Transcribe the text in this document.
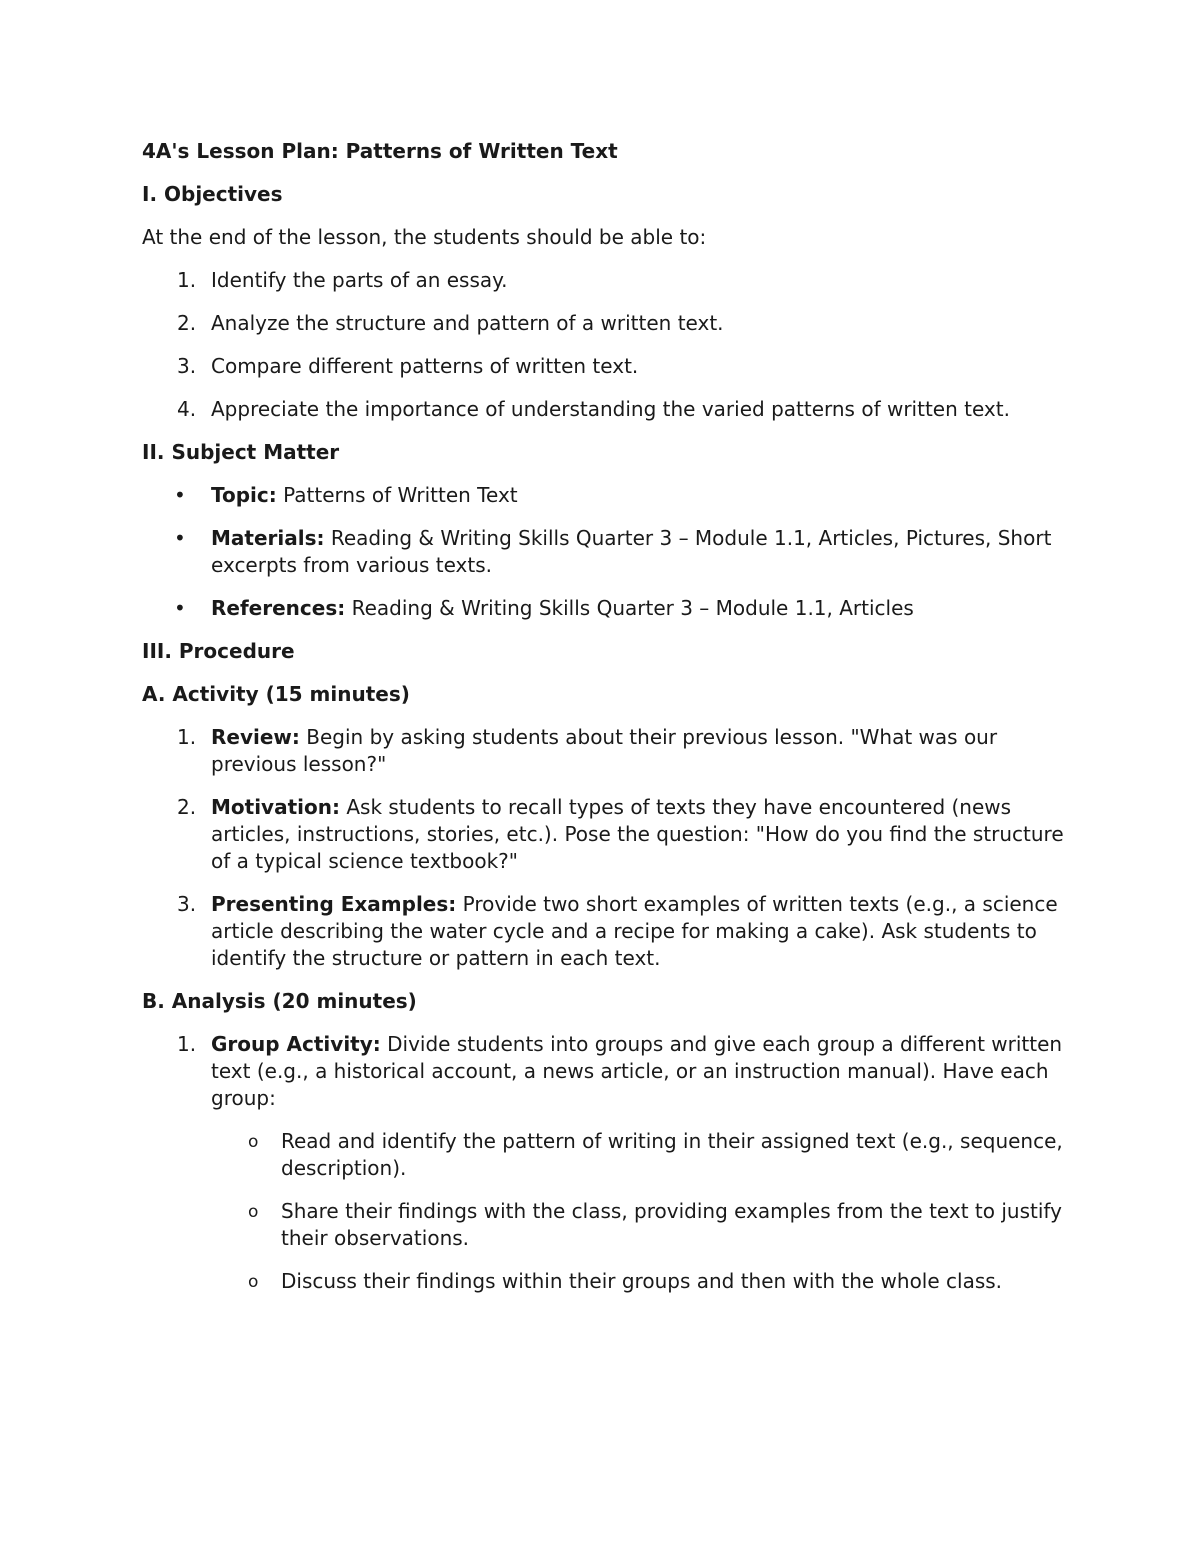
4A's Lesson Plan: Patterns of Written Text
I. Objectives
At the end of the lesson, the students should be able to:
1. Identify the parts of an essay.
2. Analyze the structure and pattern of a written text.
3. Compare different patterns of written text.
4. Appreciate the importance of understanding the varied patterns of written text.
II. Subject Matter
• Topic: Patterns of Written Text
• Materials: Reading & Writing Skills Quarter 3 – Module 1.1, Articles, Pictures, Short excerpts from various texts.
• References: Reading & Writing Skills Quarter 3 – Module 1.1, Articles
III. Procedure
A. Activity (15 minutes)
1. Review: Begin by asking students about their previous lesson. "What was our previous lesson?"
2. Motivation: Ask students to recall types of texts they have encountered (news articles, instructions, stories, etc.). Pose the question: "How do you find the structure of a typical science textbook?"
3. Presenting Examples: Provide two short examples of written texts (e.g., a science article describing the water cycle and a recipe for making a cake). Ask students to identify the structure or pattern in each text.
B. Analysis (20 minutes)
1. Group Activity: Divide students into groups and give each group a different written text (e.g., a historical account, a news article, or an instruction manual). Have each group:
o Read and identify the pattern of writing in their assigned text (e.g., sequence, description).
o Share their findings with the class, providing examples from the text to justify their observations.
o Discuss their findings within their groups and then with the whole class.
